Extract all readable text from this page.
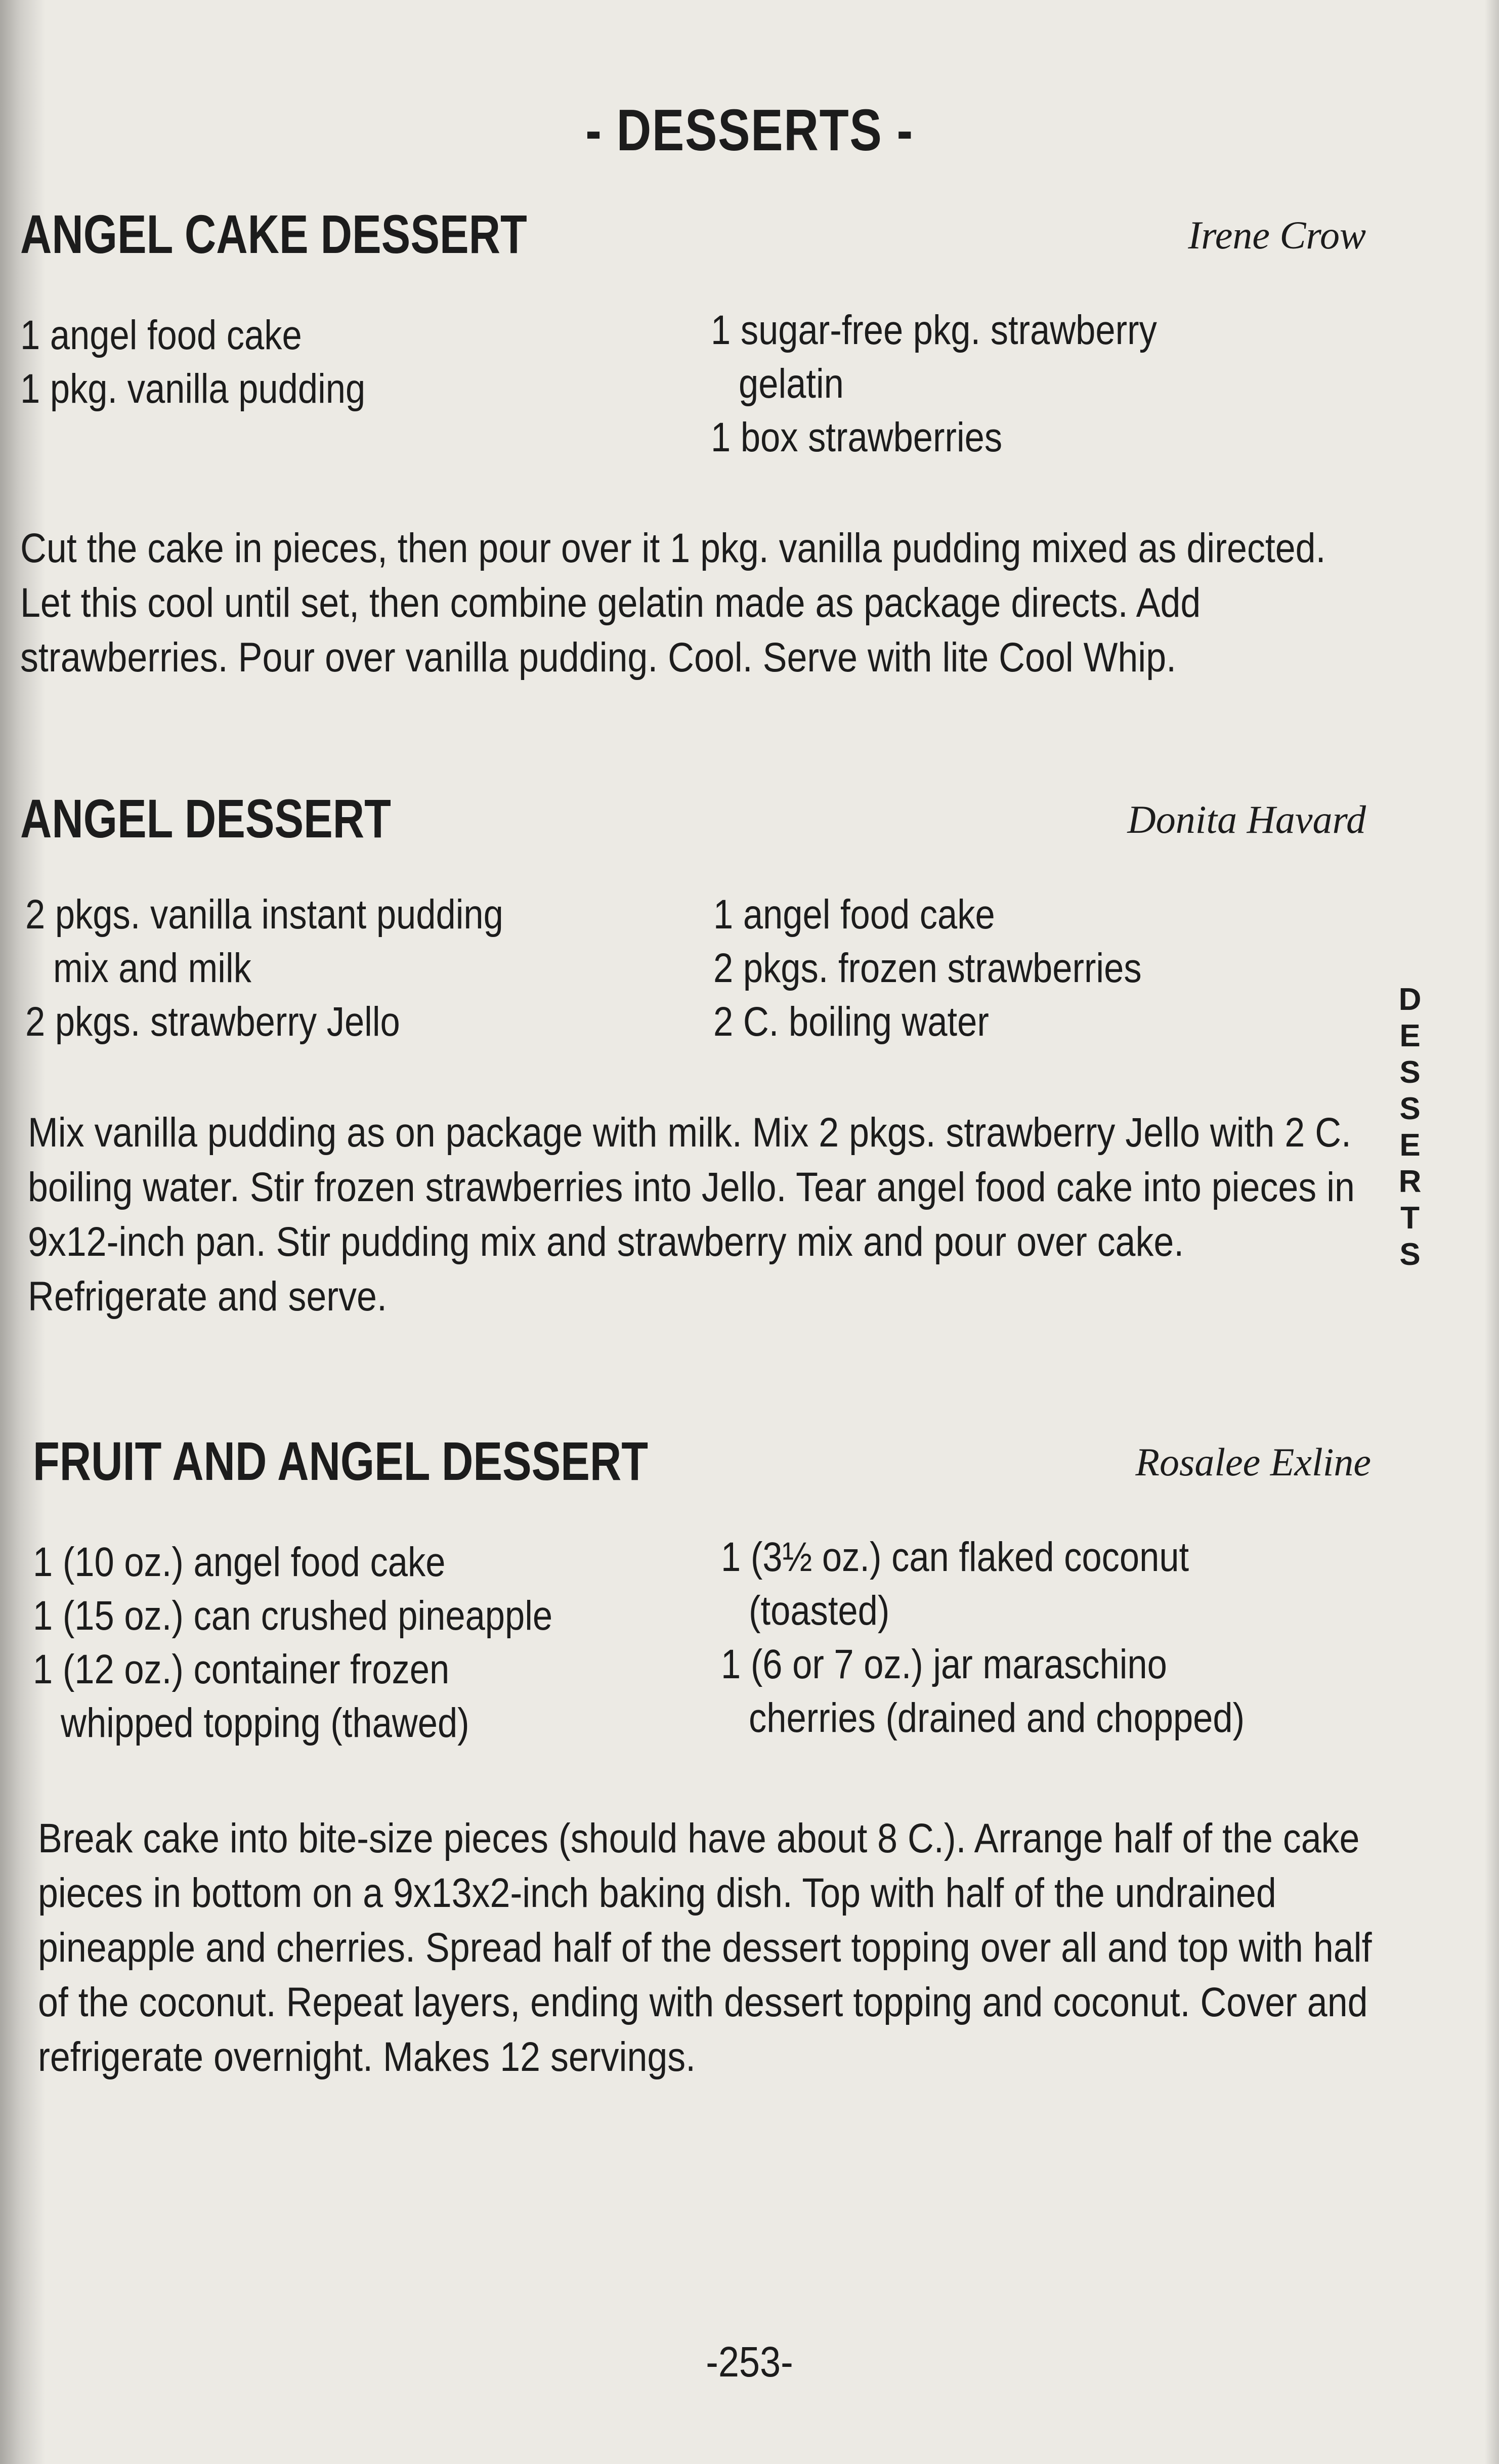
- DESSERTS -
ANGEL CAKE DESSERT	Irene Crow
1 angel food cake
1 pkg. vanilla pudding
1 sugar-free pkg. strawberry
gelatin
1 box strawberries
Cut the cake in pieces, then pour over it 1 pkg. vanilla pudding mixed as directed. Let this cool until set, then combine gelatin made as package directs. Add strawberries. Pour over vanilla pudding. Cool. Serve with lite Cool Whip.
ANGEL DESSERT	Donita Havard
2 pkgs. vanilla instant pudding
mix and milk
2 pkgs. strawberry Jello
1 angel food cake
2 pkgs. frozen strawberries
2 C. boiling water
Mix vanilla pudding as on package with milk. Mix 2 pkgs. strawberry Jello with 2 C. boiling water. Stir frozen strawberries into Jello. Tear angel food cake into pieces in 9x12-inch pan. Stir pudding mix and strawberry mix and pour over cake. Refrigerate and serve.
FRUIT AND ANGEL DESSERT	Rosalee Exline
1 (10 oz.) angel food cake
1 (15 oz.) can crushed pineapple
1 (12 oz.) container frozen
whipped topping (thawed)
1 (3½ oz.) can flaked coconut
(toasted)
1 (6 or 7 oz.) jar maraschino
cherries (drained and chopped)
Break cake into bite-size pieces (should have about 8 C.). Arrange half of the cake pieces in bottom on a 9x13x2-inch baking dish. Top with half of the undrained pineapple and cherries. Spread half of the dessert topping over all and top with half of the coconut. Repeat layers, ending with dessert topping and coconut. Cover and refrigerate overnight. Makes 12 servings.
D
E
S
S
E
R
T
S
-253-
